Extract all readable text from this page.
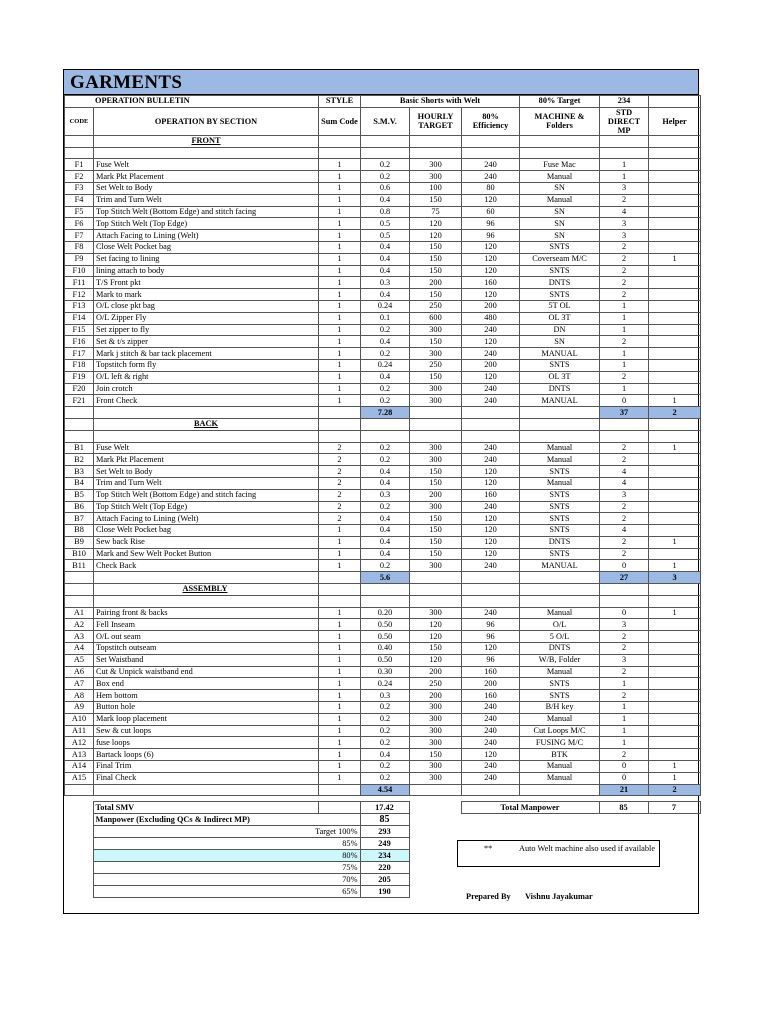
GARMENTS
OPERATION BULLETIN		STYLE	Basic Shorts with Welt			80% Target	234	
CODE	OPERATION BY SECTION	Sum Code	S.M.V.	HOURLY TARGET	80% Efficiency	MACHINE & Folders	STD DIRECT MP	Helper
	FRONT							

F1	Fuse Welt	1	0.2	300	240	Fuse Mac	1	
F2	Mark Pkt Placement	1	0.2	300	240	Manual	1	
F3	Set Welt to Body	1	0.6	100	80	SN	3	
F4	Trim and Turn Welt	1	0.4	150	120	Manual	2	
F5	Top Stitch Welt (Bottom Edge) and stitch facing	1	0.8	75	60	SN	4	
F6	Top Stitch Welt (Top Edge)	1	0.5	120	96	SN	3	
F7	Attach Facing to Lining (Welt)	1	0.5	120	96	SN	3	
F8	Close Welt Pocket bag	1	0.4	150	120	SNTS	2	
F9	Set facing to lining	1	0.4	150	120	Coverseam M/C	2	1
F10	lining attach to body	1	0.4	150	120	SNTS	2	
F11	T/S Front pkt	1	0.3	200	160	DNTS	2	
F12	Mark to mark	1	0.4	150	120	SNTS	2	
F13	O/L close pkt bag	1	0.24	250	200	5T OL	1	
F14	O/L Zipper Fly	1	0.1	600	480	OL 3T	1	
F15	Set zipper to fly	1	0.2	300	240	DN	1	
F16	Set & t/s zipper	1	0.4	150	120	SN	2	
F17	Mark j stitch & bar tack placement	1	0.2	300	240	MANUAL	1	
F18	Topstitch form fly	1	0.24	250	200	SNTS	1	
F19	O/L left & right	1	0.4	150	120	OL 3T	2	
F20	Join crotch	1	0.2	300	240	DNTS	1	
F21	Front Check	1	0.2	300	240	MANUAL	0	1
			7.28				37	2
	BACK							

B1	Fuse Welt	2	0.2	300	240	Manual	2	1
B2	Mark Pkt Placement	2	0.2	300	240	Manual	2	
B3	Set Welt to Body	2	0.4	150	120	SNTS	4	
B4	Trim and Turn Welt	2	0.4	150	120	Manual	4	
B5	Top Stitch Welt (Bottom Edge) and stitch facing	2	0.3	200	160	SNTS	3	
B6	Top Stitch Welt (Top Edge)	2	0.2	300	240	SNTS	2	
B7	Attach Facing to Lining (Welt)	2	0.4	150	120	SNTS	2	
B8	Close Welt Pocket bag	1	0.4	150	120	SNTS	4	
B9	Sew back Rise	1	0.4	150	120	DNTS	2	1
B10	Mark and Sew Welt Pocket Button	1	0.4	150	120	SNTS	2	
B11	Check Back	1	0.2	300	240	MANUAL	0	1
			5.6				27	3
	ASSEMBLY							

A1	Pairing front & backs	1	0.20	300	240	Manual	0	1
A2	Fell Inseam	1	0.50	120	96	O/L	3	
A3	O/L out seam	1	0.50	120	96	5 O/L	2	
A4	Topstitch outseam	1	0.40	150	120	DNTS	2	
A5	Set Waistband	1	0.50	120	96	W/B, Folder	3	
A6	Cut & Unpick waistband end	1	0.30	200	160	Manual	2	
A7	Box end	1	0.24	250	200	SNTS	1	
A8	Hem bottom	1	0.3	200	160	SNTS	2	
A9	Button hole	1	0.2	300	240	B/H key	1	
A10	Mark loop placement	1	0.2	300	240	Manual	1	
A11	Sew & cut loops	1	0.2	300	240	Cut Loops M/C	1	
A12	fuse loops	1	0.2	300	240	FUSING M/C	1	
A13	Bartack loops (6)	1	0.4	150	120	BTK	2	
A14	Final Trim	1	0.2	300	240	Manual	0	1
A15	Final Check	1	0.2	300	240	Manual	0	1
			4.54				21	2
	Total SMV		17.42		Total Manpower		85	7
	Manpower (Excluding QCs & Indirect MP)		85					
	Target 100%		293					
	85%		249					
	80%		234					
	75%		220					
	70%		205					
	65%		190					
**	Auto Welt machine also used if available
Prepared By Vishnu Jayakumar
